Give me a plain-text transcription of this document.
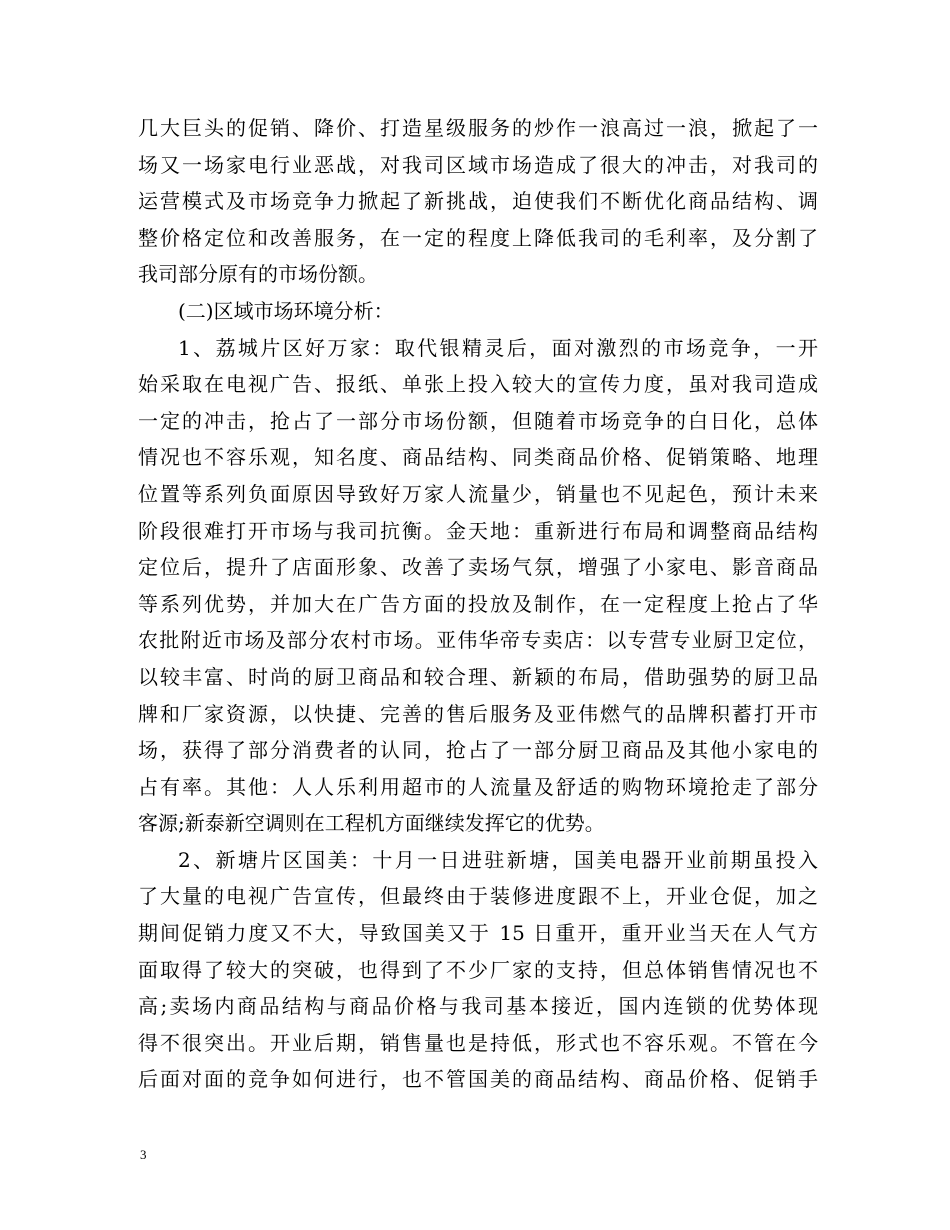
几大巨头的促销、降价、打造星级服务的炒作一浪高过一浪，掀起了一
场又一场家电行业恶战，对我司区域市场造成了很大的冲击，对我司的
运营模式及市场竞争力掀起了新挑战，迫使我们不断优化商品结构、调
整价格定位和改善服务，在一定的程度上降低我司的毛利率，及分割了
我司部分原有的市场份额。
(二)区域市场环境分析：
1、荔城片区好万家：取代银精灵后，面对激烈的市场竞争，一开
始采取在电视广告、报纸、单张上投入较大的宣传力度，虽对我司造成
一定的冲击，抢占了一部分市场份额，但随着市场竞争的白日化，总体
情况也不容乐观，知名度、商品结构、同类商品价格、促销策略、地理
位置等系列负面原因导致好万家人流量少，销量也不见起色，预计未来
阶段很难打开市场与我司抗衡。金天地：重新进行布局和调整商品结构
定位后，提升了店面形象、改善了卖场气氛，增强了小家电、影音商品
等系列优势，并加大在广告方面的投放及制作，在一定程度上抢占了华
农批附近市场及部分农村市场。亚伟华帝专卖店：以专营专业厨卫定位，
以较丰富、时尚的厨卫商品和较合理、新颖的布局，借助强势的厨卫品
牌和厂家资源，以快捷、完善的售后服务及亚伟燃气的品牌积蓄打开市
场，获得了部分消费者的认同，抢占了一部分厨卫商品及其他小家电的
占有率。其他：人人乐利用超市的人流量及舒适的购物环境抢走了部分
客源;新泰新空调则在工程机方面继续发挥它的优势。
2、新塘片区国美：十月一日进驻新塘，国美电器开业前期虽投入
了大量的电视广告宣传，但最终由于装修进度跟不上，开业仓促，加之
期间促销力度又不大，导致国美又于 15 日重开，重开业当天在人气方
面取得了较大的突破，也得到了不少厂家的支持，但总体销售情况也不
高;卖场内商品结构与商品价格与我司基本接近，国内连锁的优势体现
得不很突出。开业后期，销售量也是持低，形式也不容乐观。不管在今
后面对面的竞争如何进行，也不管国美的商品结构、商品价格、促销手
3
